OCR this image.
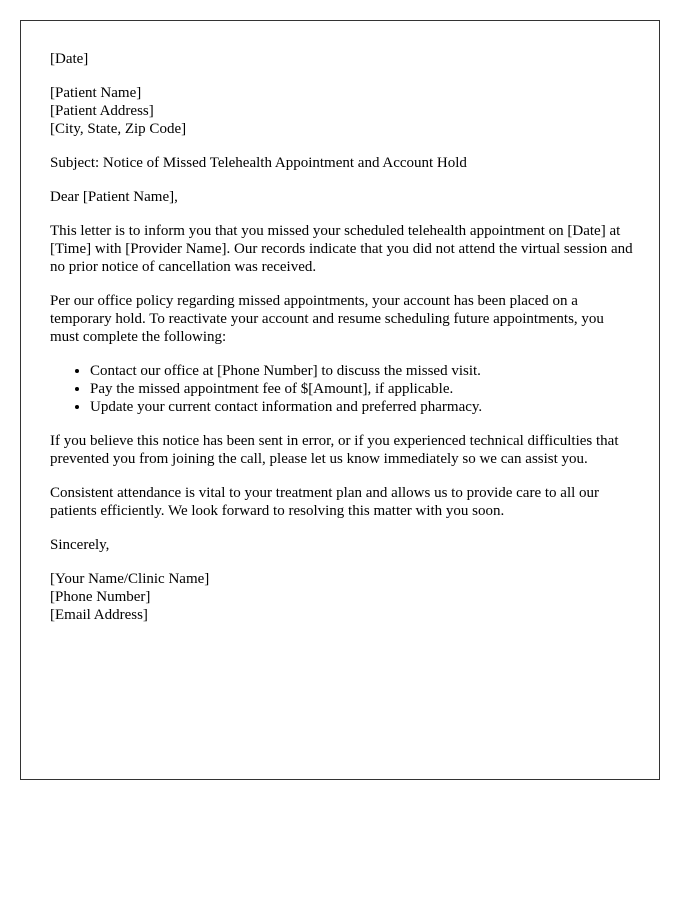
[Date]

[Patient Name]
[Patient Address]
[City, State, Zip Code]

Subject: Notice of Missed Telehealth Appointment and Account Hold

Dear [Patient Name],

This letter is to inform you that you missed your scheduled telehealth appointment on [Date] at [Time] with [Provider Name]. Our records indicate that you did not attend the virtual session and no prior notice of cancellation was received.

Per our office policy regarding missed appointments, your account has been placed on a temporary hold. To reactivate your account and resume scheduling future appointments, you must complete the following:

• Contact our office at [Phone Number] to discuss the missed visit.
• Pay the missed appointment fee of $[Amount], if applicable.
• Update your current contact information and preferred pharmacy.

If you believe this notice has been sent in error, or if you experienced technical difficulties that prevented you from joining the call, please let us know immediately so we can assist you.

Consistent attendance is vital to your treatment plan and allows us to provide care to all our patients efficiently. We look forward to resolving this matter with you soon.

Sincerely,

[Your Name/Clinic Name]
[Phone Number]
[Email Address]
